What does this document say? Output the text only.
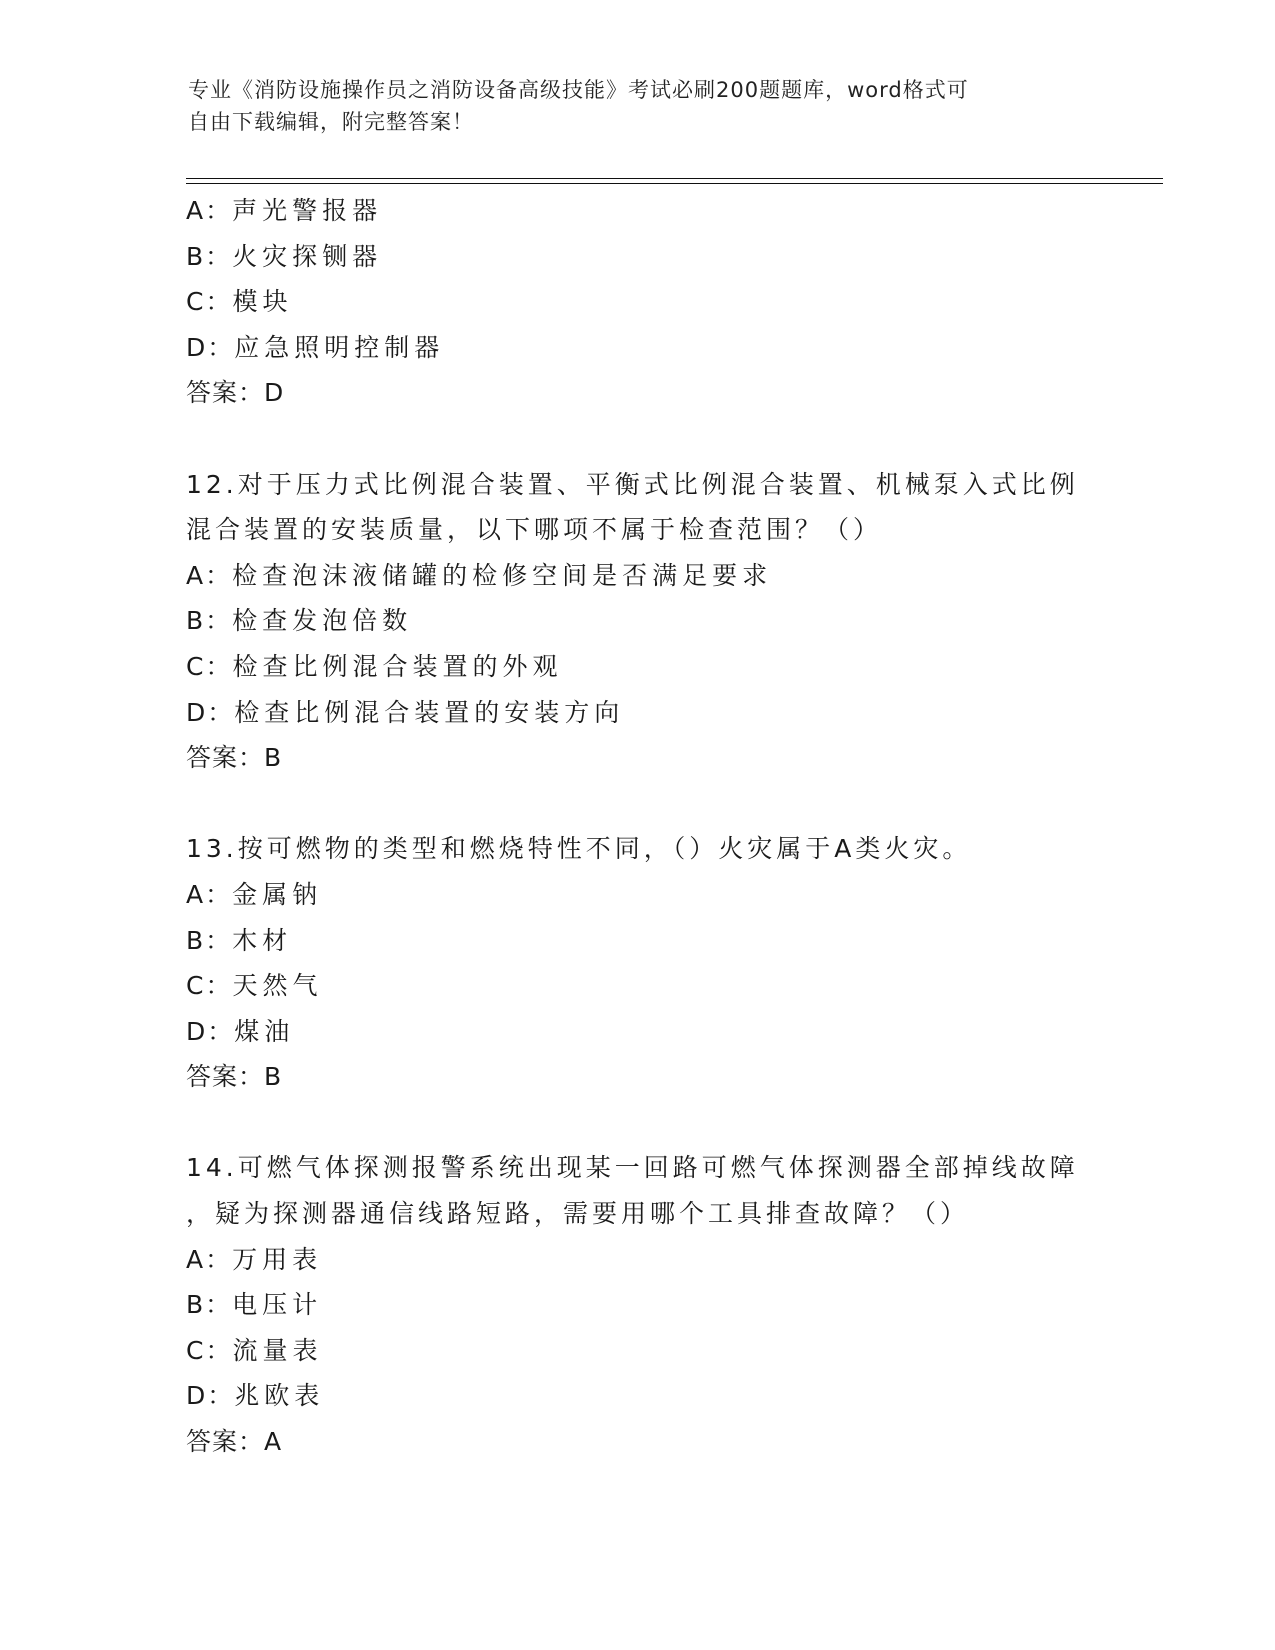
专业《消防设施操作员之消防设备高级技能》考试必刷200题题库，word格式可

自由下载编辑，附完整答案！

A：声光警报器
B：火灾探铡器
C：模块
D：应急照明控制器
答案：D
12.对于压力式比例混合装置、平衡式比例混合装置、机械泵入式比例
混合装置的安装质量，以下哪项不属于检查范围？（）
A：检查泡沫液储罐的检修空间是否满足要求
B：检查发泡倍数
C：检查比例混合装置的外观
D：检查比例混合装置的安装方向
答案：B
13.按可燃物的类型和燃烧特性不同，（）火灾属于A类火灾。
A：金属钠
B：木材
C：天然气
D：煤油
答案：B
14.可燃气体探测报警系统出现某一回路可燃气体探测器全部掉线故障
，疑为探测器通信线路短路，需要用哪个工具排查故障？（）
A：万用表
B：电压计
C：流量表
D：兆欧表
答案：A
